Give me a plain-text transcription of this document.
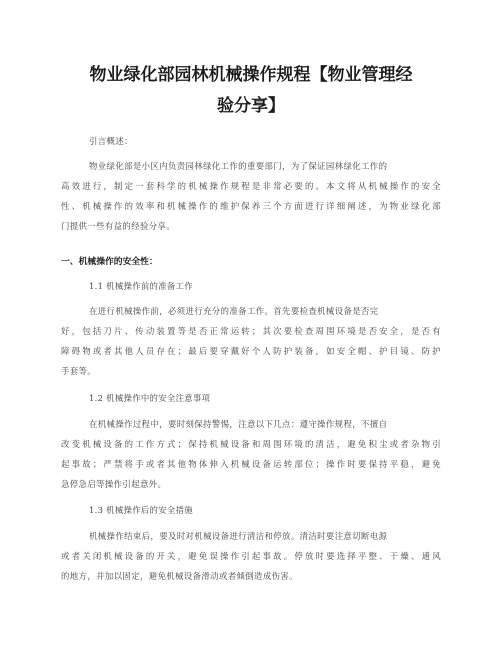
物业绿化部园林机械操作规程【物业管理经
验分享】
引言概述：
物业绿化部是小区内负责园林绿化工作的重要部门，为了保证园林绿化工作的
高效进行，制定一套科学的机械操作规程是非常必要的。本文将从机械操作的安全
性、机械操作的效率和机械操作的维护保养三个方面进行详细阐述，为物业绿化部
门提供一些有益的经验分享。
一、机械操作的安全性：
1.1 机械操作前的准备工作
在进行机械操作前，必须进行充分的准备工作。首先要检查机械设备是否完
好，包括刀片、传动装置等是否正常运转；其次要检查周围环境是否安全，是否有
障碍物或者其他人员存在；最后要穿戴好个人防护装备，如安全帽、护目镜、防护
手套等。
1.2 机械操作中的安全注意事项
在机械操作过程中，要时刻保持警惕，注意以下几点：遵守操作规程，不擅自
改变机械设备的工作方式；保持机械设备和周围环境的清洁，避免积尘或者杂物引
起事故；严禁将手或者其他物体伸入机械设备运转部位；操作时要保持平稳，避免
急停急启等操作引起意外。
1.3 机械操作后的安全措施
机械操作结束后，要及时对机械设备进行清洁和停放。清洁时要注意切断电源
或者关闭机械设备的开关，避免误操作引起事故。停放时要选择平整、干燥、通风
的地方，并加以固定，避免机械设备滑动或者倾倒造成伤害。
